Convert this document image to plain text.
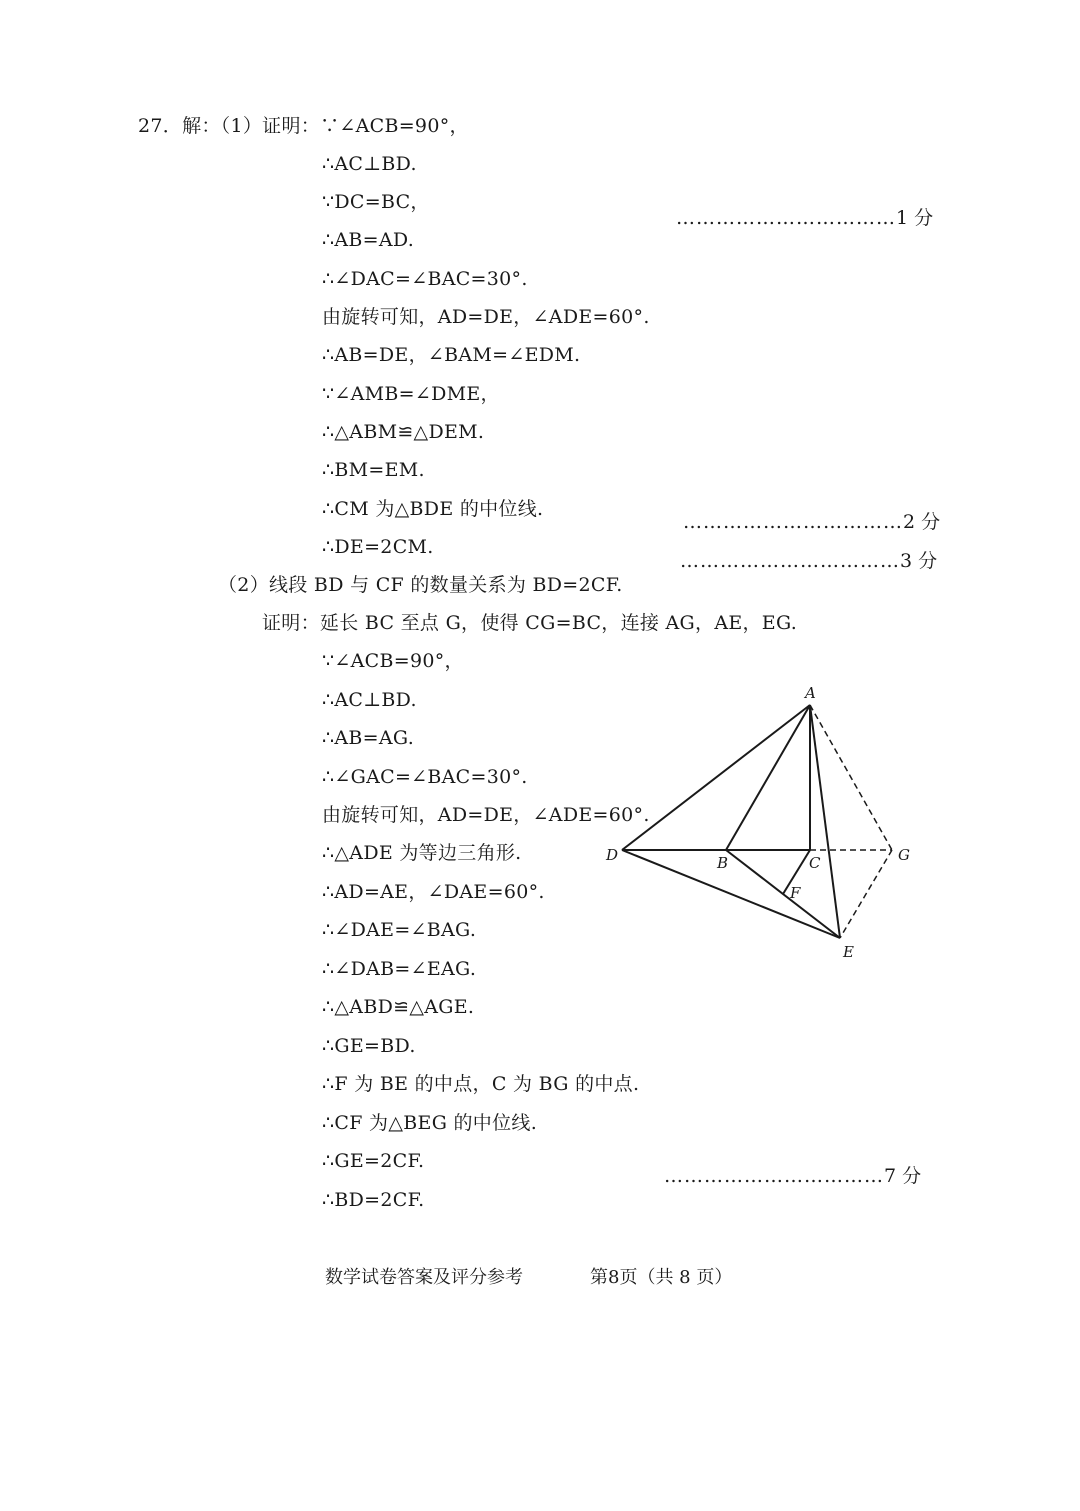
27．解：（1）证明：∵∠ACB=90°，
∴AC⊥BD.
∵DC=BC，
∴AB=AD.
∴∠DAC=∠BAC=30°.
由旋转可知，AD=DE，∠ADE=60°.
∴AB=DE，∠BAM=∠EDM.
∵∠AMB=∠DME，
∴△ABM≌△DEM.
∴BM=EM.
∴CM 为△BDE 的中位线.
∴DE=2CM.
……………………………1 分
……………………………2 分
……………………………3 分
（2）线段 BD 与 CF 的数量关系为 BD=2CF.
证明：延长 BC 至点 G，使得 CG=BC，连接 AG，AE，EG.
∵∠ACB=90°，
∴AC⊥BD.
∴AB=AG.
∴∠GAC=∠BAC=30°.
由旋转可知，AD=DE，∠ADE=60°.
∴△ADE 为等边三角形.
∴AD=AE，∠DAE=60°.
∴∠DAE=∠BAG.
∴∠DAB=∠EAG.
∴△ABD≌△AGE.
∴GE=BD.
∴F 为 BE 的中点，C 为 BG 的中点.
∴CF 为△BEG 的中位线.
∴GE=2CF.
∴BD=2CF.
……………………………7 分
A
B	C
D
E
F
G
数学试卷答案及评分参考	第8页（共 8 页）
